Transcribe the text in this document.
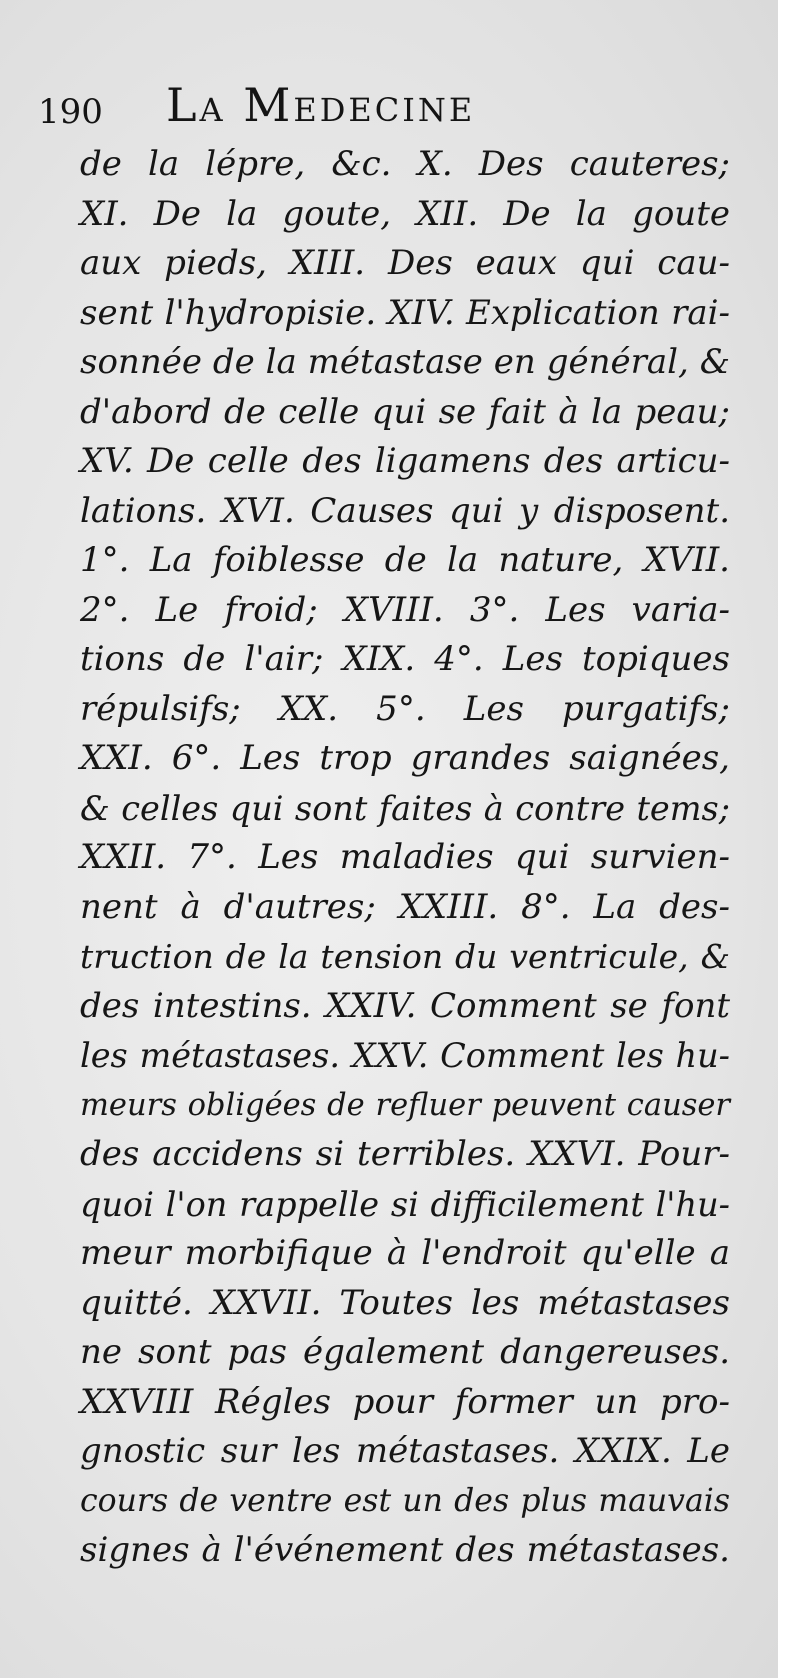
190 La Medecine
de la lépre, &c. X. Des cauteres;
XI. De la goute, XII. De la goute
aux pieds, XIII. Des eaux qui cau-
sent l'hydropisie. XIV. Explication rai-
sonnée de la métastase en général, &
d'abord de celle qui se fait à la peau;
XV. De celle des ligamens des articu-
lations. XVI. Causes qui y disposent.
1°. La foiblesse de la nature, XVII.
2°. Le froid; XVIII. 3°. Les varia-
tions de l'air; XIX. 4°. Les topiques
répulsifs; XX. 5°. Les purgatifs;
XXI. 6°. Les trop grandes saignées,
& celles qui sont faites à contre tems;
XXII. 7°. Les maladies qui survien-
nent à d'autres; XXIII. 8°. La des-
truction de la tension du ventricule, &
des intestins. XXIV. Comment se font
les métastases. XXV. Comment les hu-
meurs obligées de refluer peuvent causer
des accidens si terribles. XXVI. Pour-
quoi l'on rappelle si difficilement l'hu-
meur morbifique à l'endroit qu'elle a
quitté. XXVII. Toutes les métastases
ne sont pas également dangereuses.
XXVIII Régles pour former un pro-
gnostic sur les métastases. XXIX. Le
cours de ventre est un des plus mauvais
signes à l'événement des métastases.
